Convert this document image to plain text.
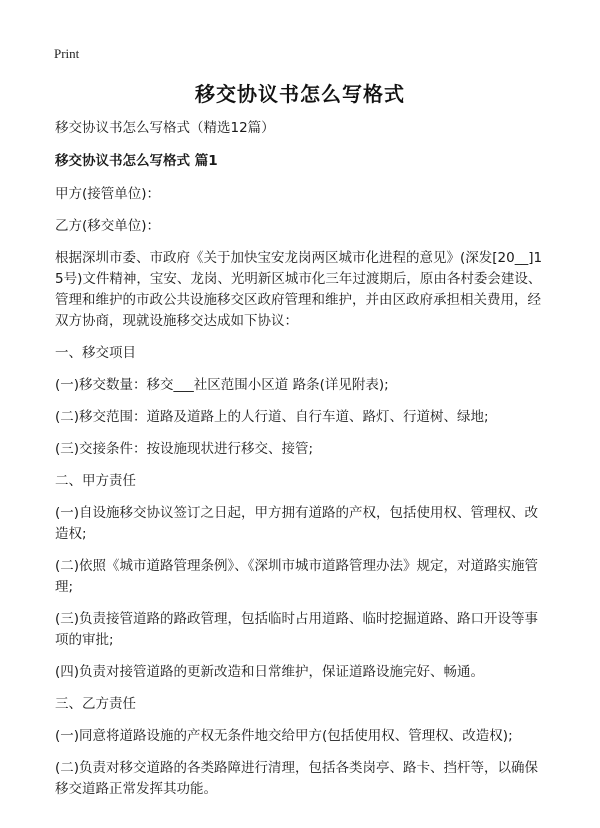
Print
移交协议书怎么写格式

移交协议书怎么写格式（精选12篇）

移交协议书怎么写格式 篇1

甲方(接管单位)：

乙方(移交单位)：

根据深圳市委、市政府《关于加快宝安龙岗两区城市化进程的意见》(深发[20__]15号)文件精神，宝安、龙岗、光明新区城市化三年过渡期后，原由各村委会建设、管理和维护的市政公共设施移交区政府管理和维护，并由区政府承担相关费用，经双方协商，现就设施移交达成如下协议：

一、移交项目

(一)移交数量：移交___社区范围小区道 路条(详见附表);

(二)移交范围：道路及道路上的人行道、自行车道、路灯、行道树、绿地;

(三)交接条件：按设施现状进行移交、接管;

二、甲方责任

(一)自设施移交协议签订之日起，甲方拥有道路的产权，包括使用权、管理权、改造权;

(二)依照《城市道路管理条例》、《深圳市城市道路管理办法》规定，对道路实施管理;

(三)负责接管道路的路政管理，包括临时占用道路、临时挖掘道路、路口开设等事项的审批;

(四)负责对接管道路的更新改造和日常维护，保证道路设施完好、畅通。

三、乙方责任

(一)同意将道路设施的产权无条件地交给甲方(包括使用权、管理权、改造权);

(二)负责对移交道路的各类路障进行清理，包括各类岗亭、路卡、挡杆等，以确保移交道路正常发挥其功能。
